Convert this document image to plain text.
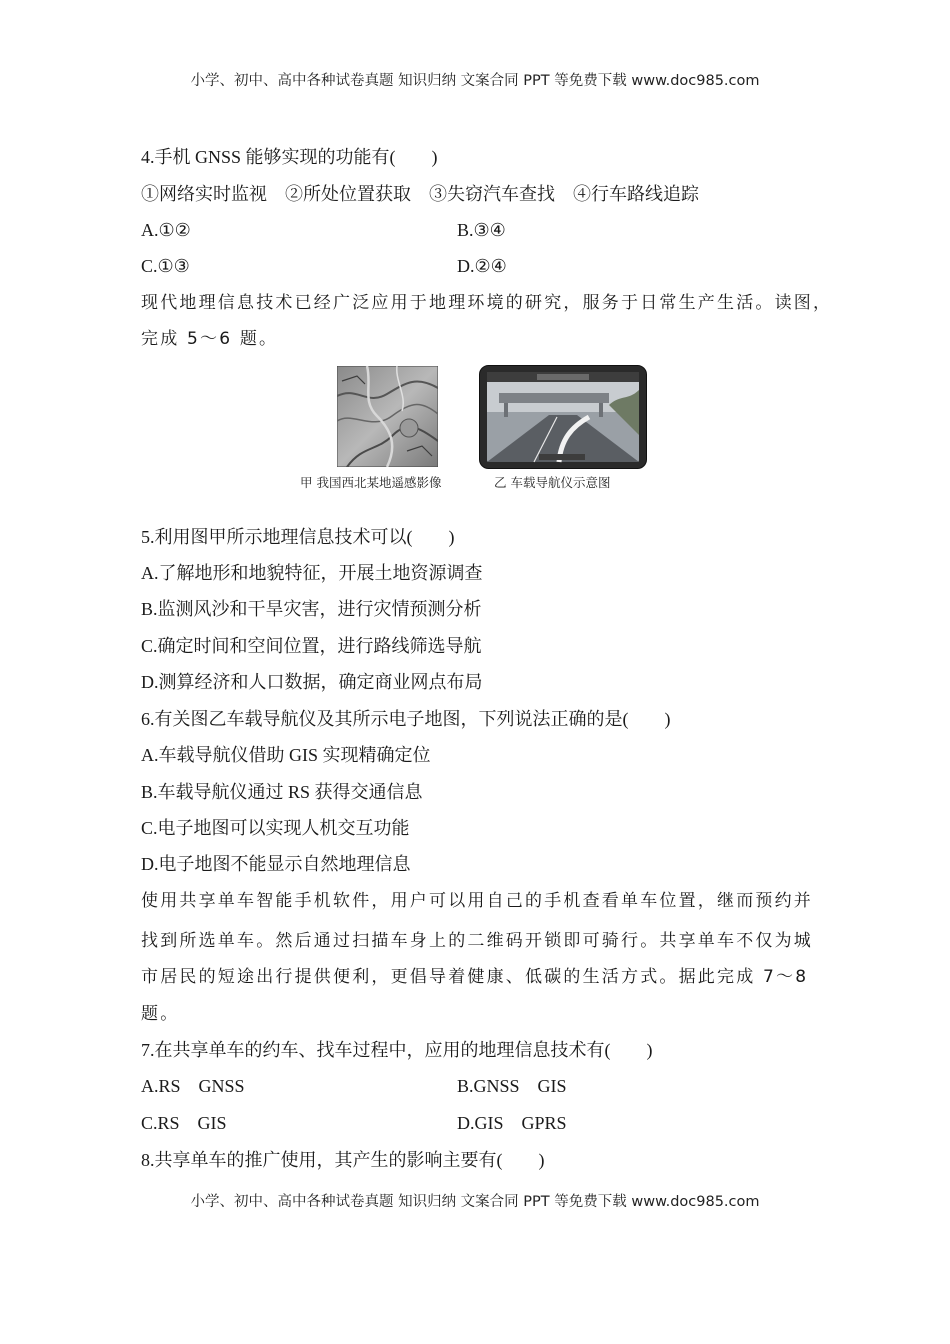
小学、初中、高中各种试卷真题 知识归纳 文案合同 PPT 等免费下载 www.doc985.com
4.手机 GNSS 能够实现的功能有(　　)
①网络实时监视　②所处位置获取　③失窃汽车查找　④行车路线追踪
A.①②	B.③④
C.①③	D.②④
现代地理信息技术已经广泛应用于地理环境的研究，服务于日常生产生活。读图，
完成 5～6 题。
甲 我国西北某地遥感影像	乙 车载导航仪示意图
5.利用图甲所示地理信息技术可以(　　)
A.了解地形和地貌特征，开展土地资源调查
B.监测风沙和干旱灾害，进行灾情预测分析
C.确定时间和空间位置，进行路线筛选导航
D.测算经济和人口数据，确定商业网点布局
6.有关图乙车载导航仪及其所示电子地图，下列说法正确的是(　　)
A.车载导航仪借助 GIS 实现精确定位
B.车载导航仪通过 RS 获得交通信息
C.电子地图可以实现人机交互功能
D.电子地图不能显示自然地理信息
使用共享单车智能手机软件，用户可以用自己的手机查看单车位置，继而预约并
找到所选单车。然后通过扫描车身上的二维码开锁即可骑行。共享单车不仅为城
市居民的短途出行提供便利，更倡导着健康、低碳的生活方式。据此完成 7～8
题。
7.在共享单车的约车、找车过程中，应用的地理信息技术有(　　)
A.RS　GNSS	B.GNSS　GIS
C.RS　GIS	D.GIS　GPRS
8.共享单车的推广使用，其产生的影响主要有(　　)
小学、初中、高中各种试卷真题 知识归纳 文案合同 PPT 等免费下载 www.doc985.com
